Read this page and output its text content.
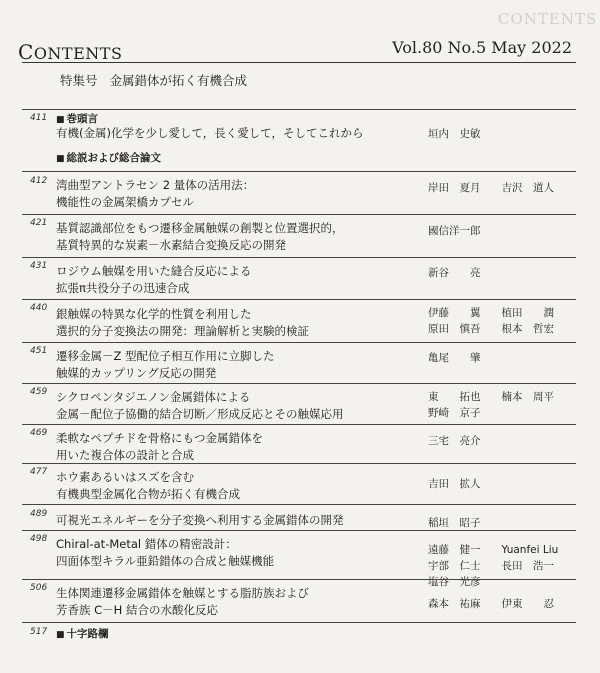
CONTENTS
CONTENTS	Vol.80 No.5 May 2022
特集号 金属錯体が拓く有機合成
411	■ 巻頭言
有機(金属)化学を少し愛して，長く愛して，そしてこれから	垣内　史敏
■ 総説および総合論文
412 湾曲型アントラセン 2 量体の活用法：
機能性の金属架橋カプセル
岸田　夏月　　吉沢　道人
421 基質認識部位をもつ遷移金属触媒の創製と位置選択的，
基質特異的な炭素－水素結合変換反応の開発
國信洋一郎
431 ロジウム触媒を用いた縫合反応による
拡張π共役分子の迅速合成
新谷　　亮
440 銀触媒の特異な化学的性質を利用した
選択的分子変換法の開発：理論解析と実験的検証
伊藤　　翼　　植田　　潤
原田　慎吾　　根本　哲宏
451 遷移金属－Z 型配位子相互作用に立脚した
触媒的カップリング反応の開発
亀尾　　肇
459 シクロペンタジエノン金属錯体による
金属－配位子協働的結合切断／形成反応とその触媒応用
東　　拓也　　楠本　周平
野崎　京子
469 柔軟なペプチドを骨格にもつ金属錯体を
用いた複合体の設計と合成
三宅　亮介
477 ホウ素あるいはスズを含む
有機典型金属化合物が拓く有機合成
吉田　拡人
489 可視光エネルギーを分子変換へ利用する金属錯体の開発	稲垣　昭子
498 Chiral-at-Metal 錯体の精密設計：
四面体型キラル亜鉛錯体の合成と触媒機能
遠藤　健一　　Yuanfei Liu
宇部　仁士　　長田　浩一
塩谷　光彦
506 生体関連遷移金属錯体を触媒とする脂肪族および
芳香族 C－H 結合の水酸化反応	森本　祐麻　　伊東　　忍
517	■ 十字路欄
